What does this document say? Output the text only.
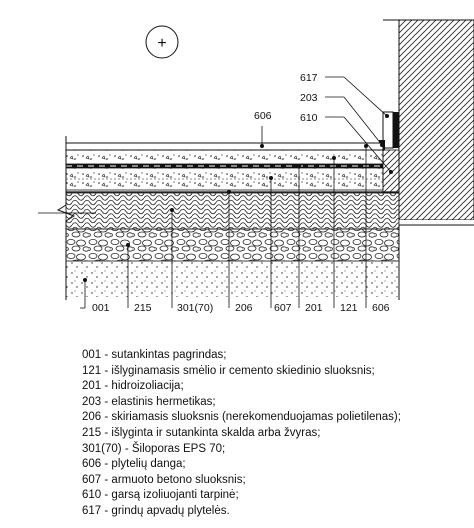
+
617
203
610
606
001 215 301(70) 206 607 201 121 606
001 - sutankintas pagrindas;
121 - išlyginamasis smėlio ir cemento skiedinio sluoksnis;
201 - hidroizoliacija;
203 - elastinis hermetikas;
206 - skiriamasis sluoksnis (nerekomenduojamas polietilenas);
215 - išlyginta ir sutankinta skalda arba žvyras;
301(70) - Šiloporas EPS 70;
606 - plytelių danga;
607 - armuoto betono sluoksnis;
610 - garsą izoliuojanti tarpinė;
617 - grindų apvadų plytelės.
